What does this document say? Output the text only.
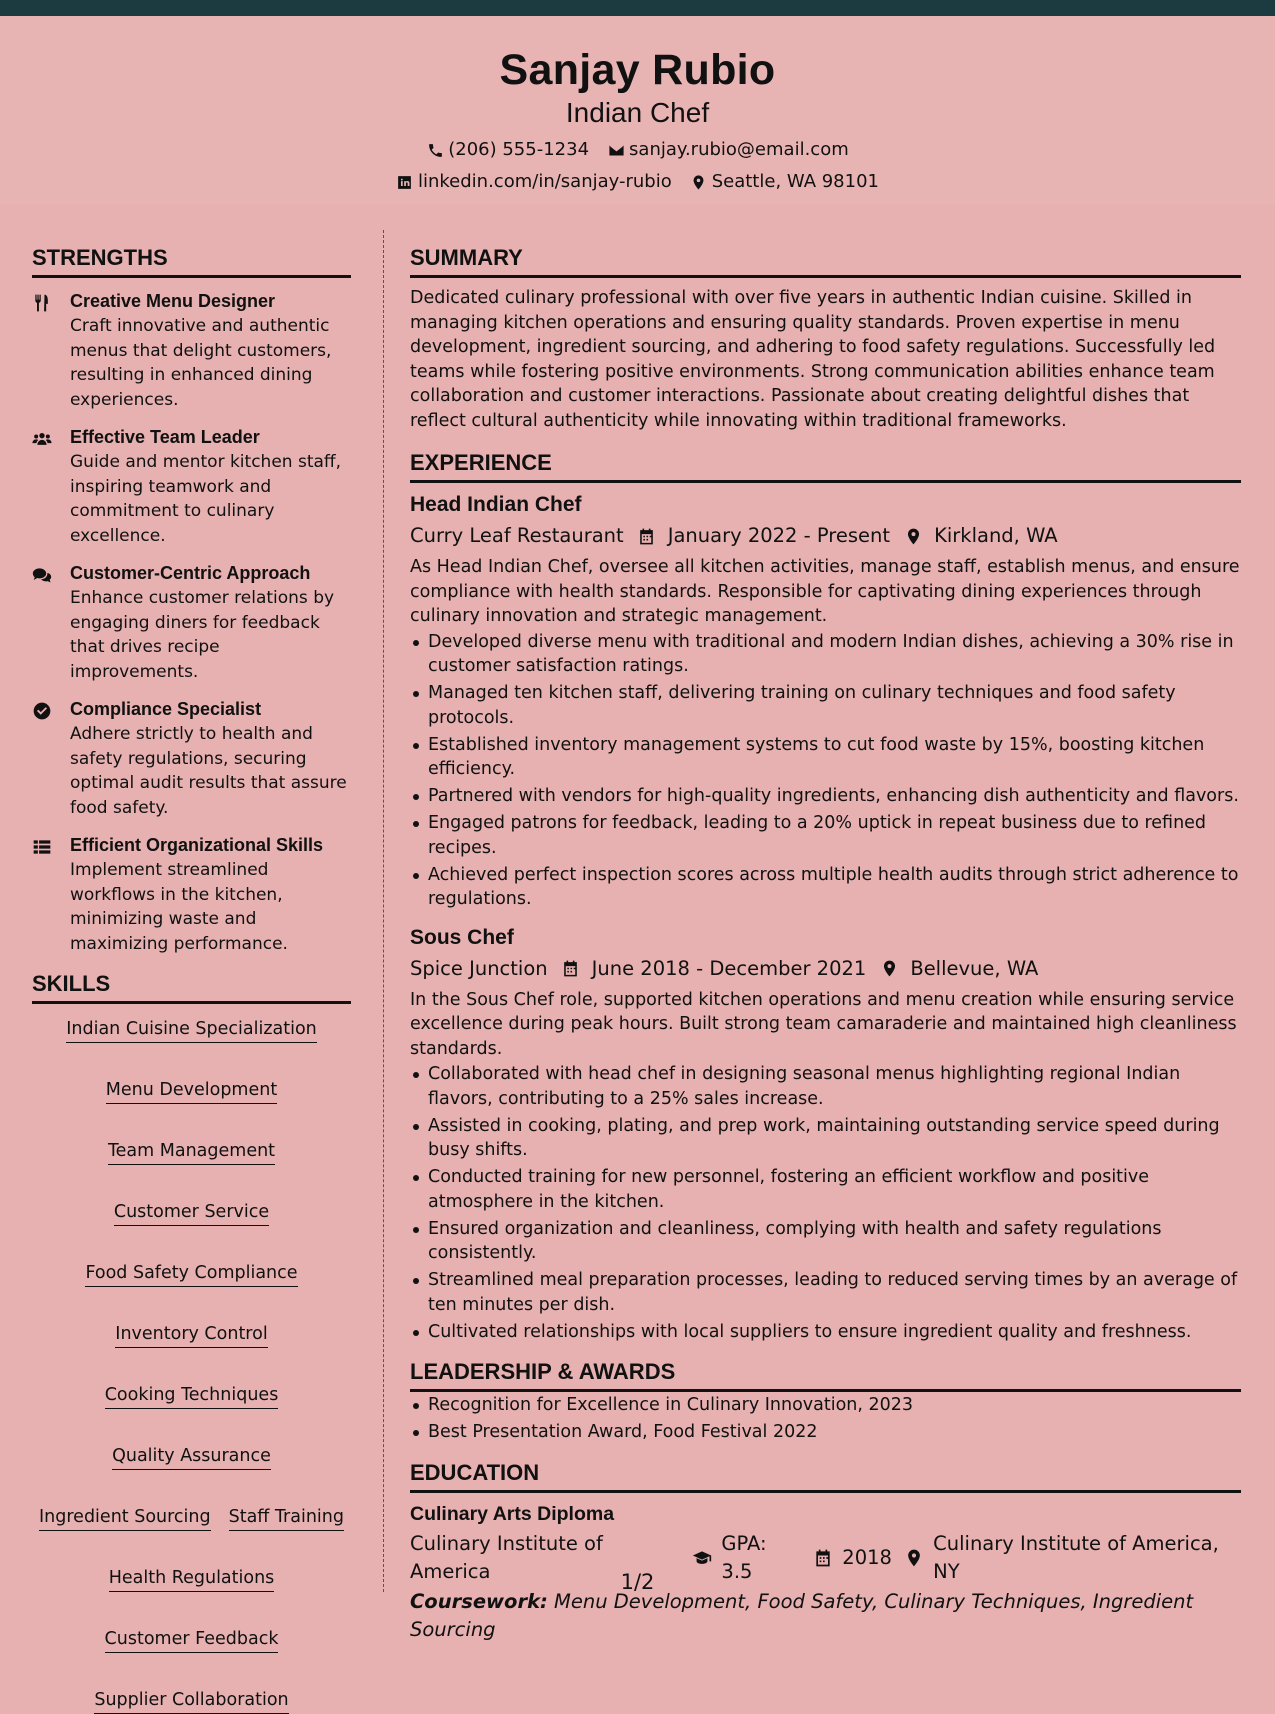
Sanjay Rubio
Indian Chef
(206) 555-1234 sanjay.rubio@email.com
linkedin.com/in/sanjay-rubio Seattle, WA 98101
STRENGTHS
Creative Menu Designer
Craft innovative and authentic menus that delight customers, resulting in enhanced dining experiences.
Effective Team Leader
Guide and mentor kitchen staff, inspiring teamwork and commitment to culinary excellence.
Customer-Centric Approach
Enhance customer relations by engaging diners for feedback that drives recipe improvements.
Compliance Specialist
Adhere strictly to health and safety regulations, securing optimal audit results that assure food safety.
Efficient Organizational Skills
Implement streamlined workflows in the kitchen, minimizing waste and maximizing performance.
SKILLS
Indian Cuisine Specialization
Menu Development
Team Management
Customer Service
Food Safety Compliance
Inventory Control
Cooking Techniques
Quality Assurance
Ingredient Sourcing Staff Training
Health Regulations
Customer Feedback
Supplier Collaboration
SUMMARY
Dedicated culinary professional with over five years in authentic Indian cuisine. Skilled in managing kitchen operations and ensuring quality standards. Proven expertise in menu development, ingredient sourcing, and adhering to food safety regulations. Successfully led teams while fostering positive environments. Strong communication abilities enhance team collaboration and customer interactions. Passionate about creating delightful dishes that reflect cultural authenticity while innovating within traditional frameworks.
EXPERIENCE
Head Indian Chef
Curry Leaf Restaurant January 2022 - Present Kirkland, WA
As Head Indian Chef, oversee all kitchen activities, manage staff, establish menus, and ensure compliance with health standards. Responsible for captivating dining experiences through culinary innovation and strategic management.
Developed diverse menu with traditional and modern Indian dishes, achieving a 30% rise in customer satisfaction ratings.
Managed ten kitchen staff, delivering training on culinary techniques and food safety protocols.
Established inventory management systems to cut food waste by 15%, boosting kitchen efficiency.
Partnered with vendors for high-quality ingredients, enhancing dish authenticity and flavors.
Engaged patrons for feedback, leading to a 20% uptick in repeat business due to refined recipes.
Achieved perfect inspection scores across multiple health audits through strict adherence to regulations.
Sous Chef
Spice Junction June 2018 - December 2021 Bellevue, WA
In the Sous Chef role, supported kitchen operations and menu creation while ensuring service excellence during peak hours. Built strong team camaraderie and maintained high cleanliness standards.
Collaborated with head chef in designing seasonal menus highlighting regional Indian flavors, contributing to a 25% sales increase.
Assisted in cooking, plating, and prep work, maintaining outstanding service speed during busy shifts.
Conducted training for new personnel, fostering an efficient workflow and positive atmosphere in the kitchen.
Ensured organization and cleanliness, complying with health and safety regulations consistently.
Streamlined meal preparation processes, leading to reduced serving times by an average of ten minutes per dish.
Cultivated relationships with local suppliers to ensure ingredient quality and freshness.
LEADERSHIP & AWARDS
Recognition for Excellence in Culinary Innovation, 2023
Best Presentation Award, Food Festival 2022
EDUCATION
Culinary Arts Diploma
Culinary Institute of America
GPA: 3.5
2018
Culinary Institute of America, NY
Coursework: Menu Development, Food Safety, Culinary Techniques, Ingredient Sourcing
1/2
